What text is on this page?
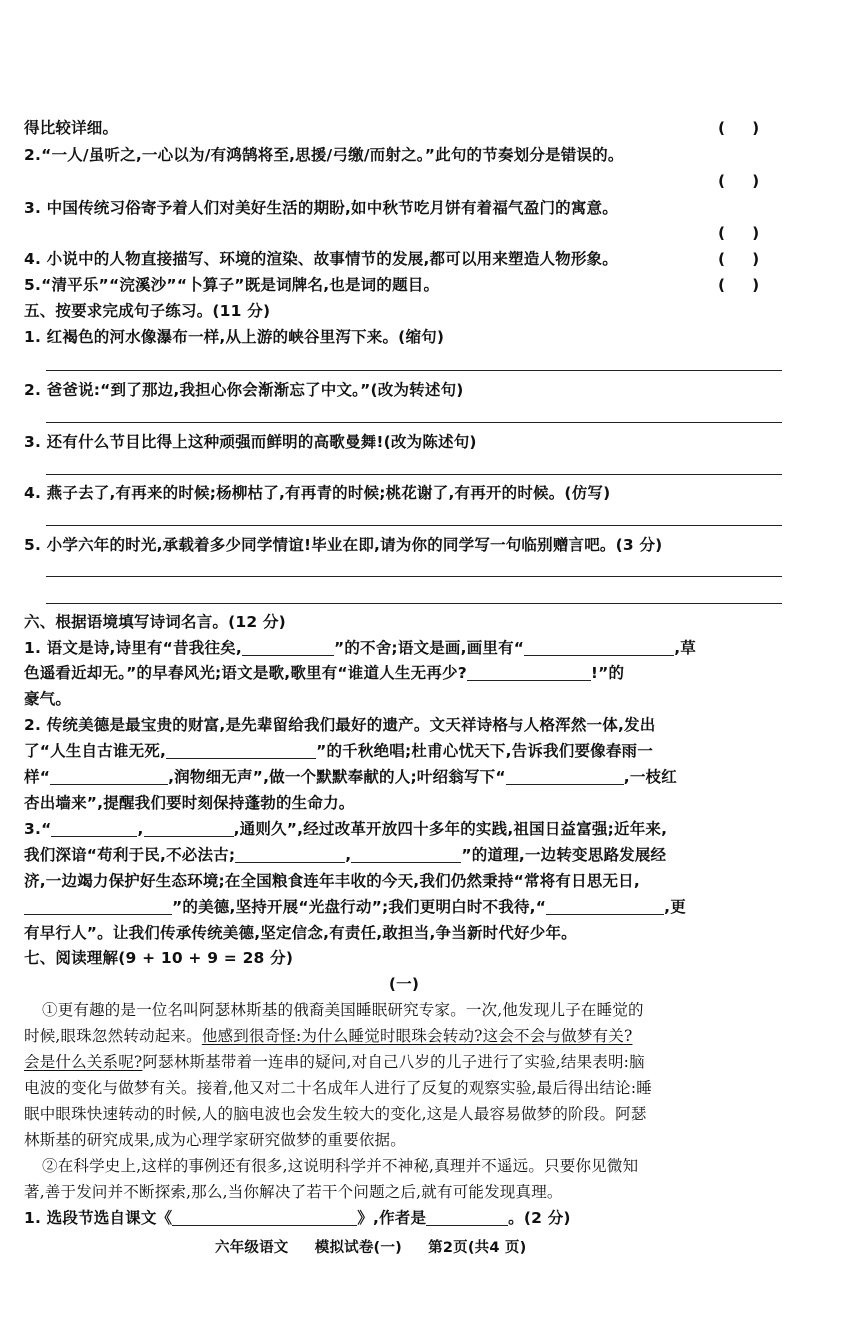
得比较详细。	(     )
2.“一人/虽听之,一心以为/有鸿鹄将至,思援/弓缴/而射之。”此句的节奏划分是错误的。
(     )
3. 中国传统习俗寄予着人们对美好生活的期盼,如中秋节吃月饼有着福气盈门的寓意。
(     )
4. 小说中的人物直接描写、环境的渲染、故事情节的发展,都可以用来塑造人物形象。	(     )
5.“清平乐”“浣溪沙”“卜算子”既是词牌名,也是词的题目。	(     )
五、按要求完成句子练习。(11 分)
1. 红褐色的河水像瀑布一样,从上游的峡谷里泻下来。(缩句)
2. 爸爸说:“到了那边,我担心你会渐渐忘了中文。”(改为转述句)
3. 还有什么节目比得上这种顽强而鲜明的高歌曼舞!(改为陈述句)
4. 燕子去了,有再来的时候;杨柳枯了,有再青的时候;桃花谢了,有再开的时候。(仿写)
5. 小学六年的时光,承载着多少同学情谊!毕业在即,请为你的同学写一句临别赠言吧。(3 分)
六、根据语境填写诗词名言。(12 分)
1. 语文是诗,诗里有“昔我往矣,	”的不舍;语文是画,画里有“	,草
色遥看近却无。”的早春风光;语文是歌,歌里有“谁道人生无再少?	!”的
豪气。
2. 传统美德是最宝贵的财富,是先辈留给我们最好的遗产。文天祥诗格与人格浑然一体,发出
了“人生自古谁无死,	”的千秋绝唱;杜甫心忧天下,告诉我们要像春雨一
样“	,润物细无声”,做一个默默奉献的人;叶绍翁写下“	,一枝红
杏出墙来”,提醒我们要时刻保持蓬勃的生命力。
3.“	,	,通则久”,经过改革开放四十多年的实践,祖国日益富强;近年来,
我们深谙“苟利于民,不必法古;	,	”的道理,一边转变思路发展经
济,一边竭力保护好生态环境;在全国粮食连年丰收的今天,我们仍然秉持“常将有日思无日,
”的美德,坚持开展“光盘行动”;我们更明白时不我待,“	,更
有早行人”。让我们传承传统美德,坚定信念,有责任,敢担当,争当新时代好少年。
七、阅读理解(9 + 10 + 9 = 28 分)
(一)
①更有趣的是一位名叫阿瑟林斯基的俄裔美国睡眠研究专家。一次,他发现儿子在睡觉的
时候,眼珠忽然转动起来。他感到很奇怪:为什么睡觉时眼珠会转动?这会不会与做梦有关?
会是什么关系呢?阿瑟林斯基带着一连串的疑问,对自己八岁的儿子进行了实验,结果表明:脑
电波的变化与做梦有关。接着,他又对二十名成年人进行了反复的观察实验,最后得出结论:睡
眠中眼珠快速转动的时候,人的脑电波也会发生较大的变化,这是人最容易做梦的阶段。阿瑟
林斯基的研究成果,成为心理学家研究做梦的重要依据。
②在科学史上,这样的事例还有很多,这说明科学并不神秘,真理并不遥远。只要你见微知
著,善于发问并不断探索,那么,当你解决了若干个问题之后,就有可能发现真理。
1. 选段节选自课文《	》,作者是	。(2 分)
六年级语文 模拟试卷(一) 第2页(共4 页)
